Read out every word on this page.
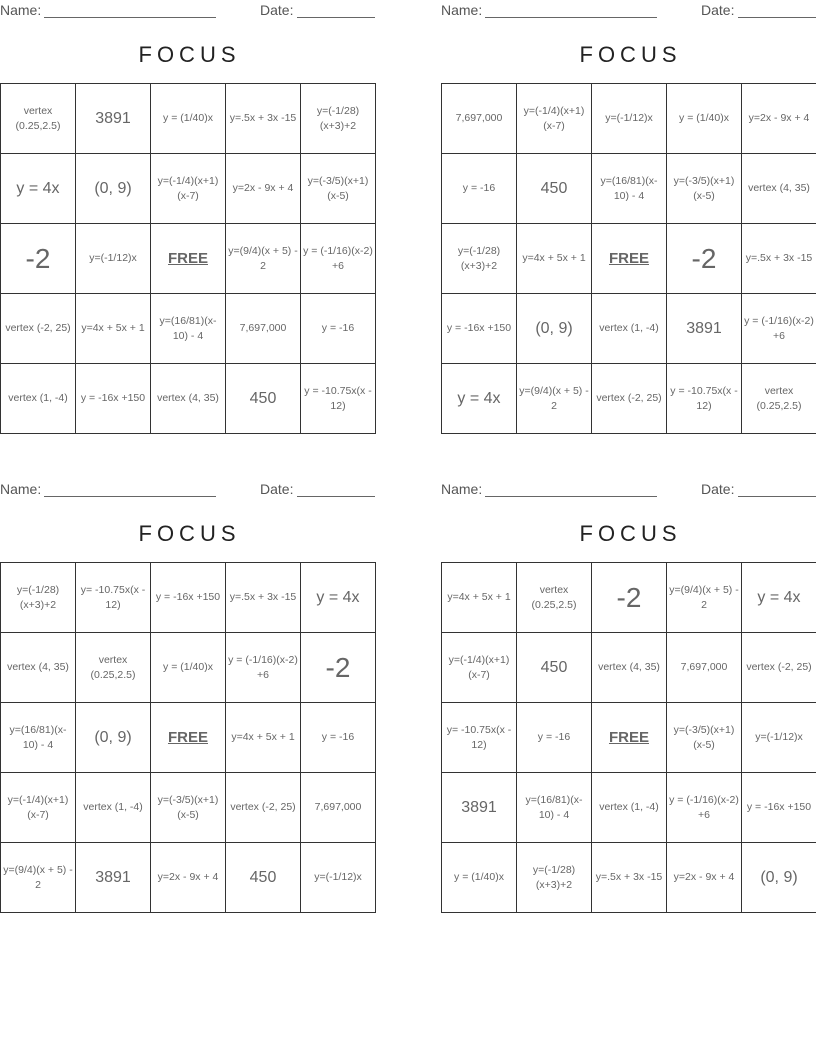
Name:	Date:
FOCUS
vertex (0.25,2.5)	3891	y = (1/40)x	y=.5x + 3x -15	y=(-1/28)(x+3)+2
y = 4x	(0, 9)	y=(-1/4)(x+1)(x-7)	y=2x - 9x + 4	y=(-3/5)(x+1)(x-5)
-2	y=(-1/12)x	FREE	y=(9/4)(x + 5) - 2	y = (-1/16)(x-2) +6
vertex (-2, 25)	y=4x + 5x + 1	y=(16/81)(x-10) - 4	7,697,000	y = -16
vertex (1, -4)	y = -16x +150	vertex (4, 35)	450	y = -10.75x(x - 12)
Name:	Date:
FOCUS
7,697,000	y=(-1/4)(x+1)(x-7)	y=(-1/12)x	y = (1/40)x	y=2x - 9x + 4
y = -16	450	y=(16/81)(x-10) - 4	y=(-3/5)(x+1)(x-5)	vertex (4, 35)
y=(-1/28)(x+3)+2	y=4x + 5x + 1	FREE	-2	y=.5x + 3x -15
y = -16x +150	(0, 9)	vertex (1, -4)	3891	y = (-1/16)(x-2) +6
y = 4x	y=(9/4)(x + 5) - 2	vertex (-2, 25)	y = -10.75x(x - 12)	vertex (0.25,2.5)
Name:	Date:
FOCUS
y=(-1/28)(x+3)+2	y= -10.75x(x - 12)	y = -16x +150	y=.5x + 3x -15	y = 4x
vertex (4, 35)	vertex (0.25,2.5)	y = (1/40)x	y = (-1/16)(x-2) +6	-2
y=(16/81)(x-10) - 4	(0, 9)	FREE	y=4x + 5x + 1	y = -16
y=(-1/4)(x+1)(x-7)	vertex (1, -4)	y=(-3/5)(x+1)(x-5)	vertex (-2, 25)	7,697,000
y=(9/4)(x + 5) - 2	3891	y=2x - 9x + 4	450	y=(-1/12)x
Name:	Date:
FOCUS
y=4x + 5x + 1	vertex (0.25,2.5)	-2	y=(9/4)(x + 5) - 2	y = 4x
y=(-1/4)(x+1)(x-7)	450	vertex (4, 35)	7,697,000	vertex (-2, 25)
y= -10.75x(x - 12)	y = -16	FREE	y=(-3/5)(x+1)(x-5)	y=(-1/12)x
3891	y=(16/81)(x-10) - 4	vertex (1, -4)	y = (-1/16)(x-2) +6	y = -16x +150
y = (1/40)x	y=(-1/28)(x+3)+2	y=.5x + 3x -15	y=2x - 9x + 4	(0, 9)
